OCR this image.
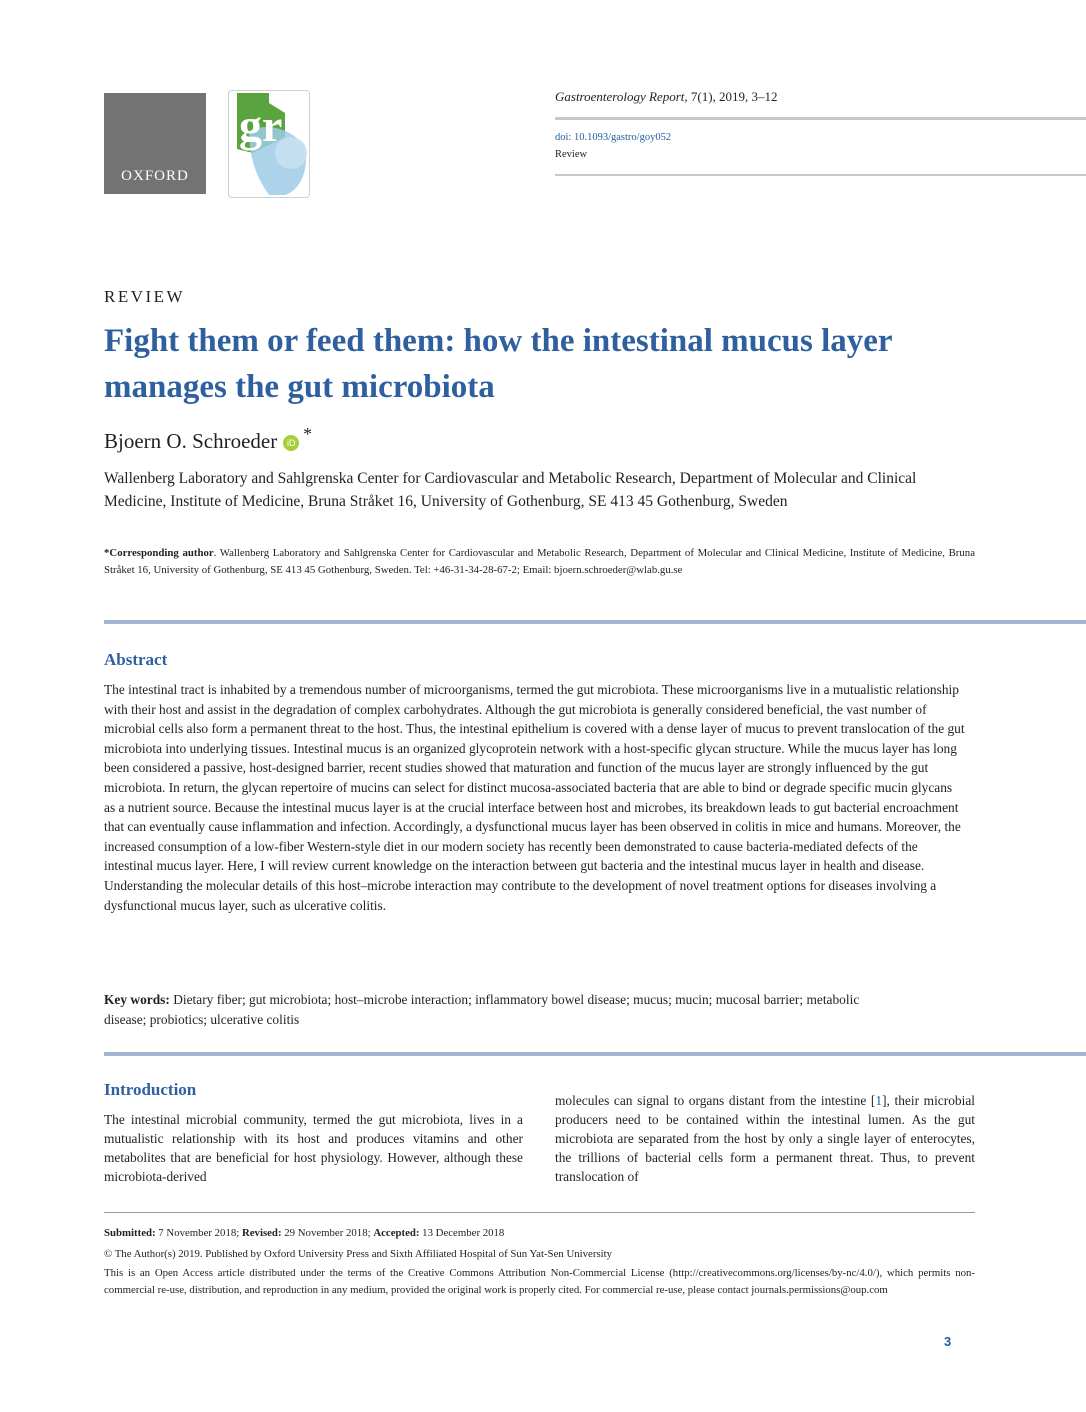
OXFORD
gr
Gastroenterology Report, 7(1), 2019, 3–12
doi: 10.1093/gastro/goy052
Review
REVIEW
Fight them or feed them: how the intestinal mucus layer manages the gut microbiota
Bjoern O. Schroeder iD *
Wallenberg Laboratory and Sahlgrenska Center for Cardiovascular and Metabolic Research, Department of Molecular and Clinical Medicine, Institute of Medicine, Bruna Stråket 16, University of Gothenburg, SE 413 45 Gothenburg, Sweden
*Corresponding author. Wallenberg Laboratory and Sahlgrenska Center for Cardiovascular and Metabolic Research, Department of Molecular and Clinical Medicine, Institute of Medicine, Bruna Stråket 16, University of Gothenburg, SE 413 45 Gothenburg, Sweden. Tel: +46-31-34-28-67-2; Email: bjoern.schroeder@wlab.gu.se
Abstract
The intestinal tract is inhabited by a tremendous number of microorganisms, termed the gut microbiota. These microorganisms live in a mutualistic relationship with their host and assist in the degradation of complex carbohydrates. Although the gut microbiota is generally considered beneficial, the vast number of microbial cells also form a permanent threat to the host. Thus, the intestinal epithelium is covered with a dense layer of mucus to prevent translocation of the gut microbiota into underlying tissues. Intestinal mucus is an organized glycoprotein network with a host-specific glycan structure. While the mucus layer has long been considered a passive, host-designed barrier, recent studies showed that maturation and function of the mucus layer are strongly influenced by the gut microbiota. In return, the glycan repertoire of mucins can select for distinct mucosa-associated bacteria that are able to bind or degrade specific mucin glycans as a nutrient source. Because the intestinal mucus layer is at the crucial interface between host and microbes, its breakdown leads to gut bacterial encroachment that can eventually cause inflammation and infection. Accordingly, a dysfunctional mucus layer has been observed in colitis in mice and humans. Moreover, the increased consumption of a low-fiber Western-style diet in our modern society has recently been demonstrated to cause bacteria-mediated defects of the intestinal mucus layer. Here, I will review current knowledge on the interaction between gut bacteria and the intestinal mucus layer in health and disease. Understanding the molecular details of this host–microbe interaction may contribute to the development of novel treatment options for diseases involving a dysfunctional mucus layer, such as ulcerative colitis.
Key words: Dietary fiber; gut microbiota; host–microbe interaction; inflammatory bowel disease; mucus; mucin; mucosal barrier; metabolic disease; probiotics; ulcerative colitis
Introduction
The intestinal microbial community, termed the gut microbiota, lives in a mutualistic relationship with its host and produces vitamins and other metabolites that are beneficial for host physiology. However, although these microbiota-derived
molecules can signal to organs distant from the intestine [1], their microbial producers need to be contained within the intestinal lumen. As the gut microbiota are separated from the host by only a single layer of enterocytes, the trillions of bacterial cells form a permanent threat. Thus, to prevent translocation of
Submitted: 7 November 2018; Revised: 29 November 2018; Accepted: 13 December 2018
© The Author(s) 2019. Published by Oxford University Press and Sixth Affiliated Hospital of Sun Yat-Sen University
This is an Open Access article distributed under the terms of the Creative Commons Attribution Non-Commercial License (http://creativecommons.org/licenses/by-nc/4.0/), which permits non-commercial re-use, distribution, and reproduction in any medium, provided the original work is properly cited. For commercial re-use, please contact journals.permissions@oup.com
3
